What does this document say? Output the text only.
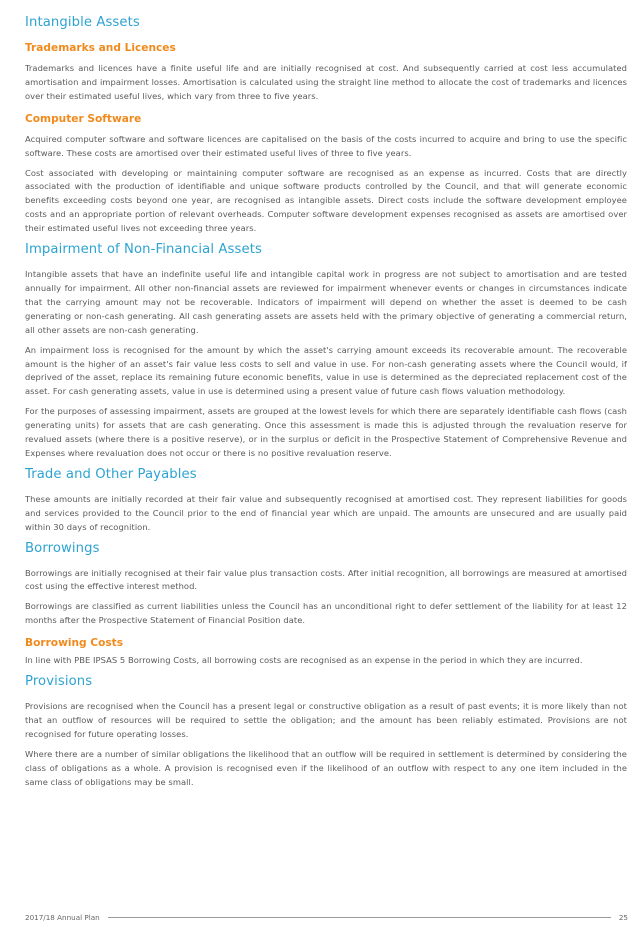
Intangible Assets
Trademarks and Licences

Trademarks and licences have a finite useful life and are initially recognised at cost. And subsequently carried at cost less accumulated amortisation and impairment losses. Amortisation is calculated using the straight line method to allocate the cost of trademarks and licences over their estimated useful lives, which vary from three to five years.

Computer Software

Acquired computer software and software licences are capitalised on the basis of the costs incurred to acquire and bring to use the specific software. These costs are amortised over their estimated useful lives of three to five years.

Cost associated with developing or maintaining computer software are recognised as an expense as incurred. Costs that are directly associated with the production of identifiable and unique software products controlled by the Council, and that will generate economic benefits exceeding costs beyond one year, are recognised as intangible assets. Direct costs include the software development employee costs and an appropriate portion of relevant overheads. Computer software development expenses recognised as assets are amortised over their estimated useful lives not exceeding three years.

Impairment of Non-Financial Assets

Intangible assets that have an indefinite useful life and intangible capital work in progress are not subject to amortisation and are tested annually for impairment. All other non-financial assets are reviewed for impairment whenever events or changes in circumstances indicate that the carrying amount may not be recoverable. Indicators of impairment will depend on whether the asset is deemed to be cash generating or non-cash generating. All cash generating assets are assets held with the primary objective of generating a commercial return, all other assets are non-cash generating.

An impairment loss is recognised for the amount by which the asset's carrying amount exceeds its recoverable amount. The recoverable amount is the higher of an asset's fair value less costs to sell and value in use. For non-cash generating assets where the Council would, if deprived of the asset, replace its remaining future economic benefits, value in use is determined as the depreciated replacement cost of the asset. For cash generating assets, value in use is determined using a present value of future cash flows valuation methodology.

For the purposes of assessing impairment, assets are grouped at the lowest levels for which there are separately identifiable cash flows (cash generating units) for assets that are cash generating. Once this assessment is made this is adjusted through the revaluation reserve for revalued assets (where there is a positive reserve), or in the surplus or deficit in the Prospective Statement of Comprehensive Revenue and Expenses where revaluation does not occur or there is no positive revaluation reserve.

Trade and Other Payables

These amounts are initially recorded at their fair value and subsequently recognised at amortised cost. They represent liabilities for goods and services provided to the Council prior to the end of financial year which are unpaid. The amounts are unsecured and are usually paid within 30 days of recognition.

Borrowings

Borrowings are initially recognised at their fair value plus transaction costs. After initial recognition, all borrowings are measured at amortised cost using the effective interest method.

Borrowings are classified as current liabilities unless the Council has an unconditional right to defer settlement of the liability for at least 12 months after the Prospective Statement of Financial Position date.

Borrowing Costs

In line with PBE IPSAS 5 Borrowing Costs, all borrowing costs are recognised as an expense in the period in which they are incurred.

Provisions

Provisions are recognised when the Council has a present legal or constructive obligation as a result of past events; it is more likely than not that an outflow of resources will be required to settle the obligation; and the amount has been reliably estimated. Provisions are not recognised for future operating losses.

Where there are a number of similar obligations the likelihood that an outflow will be required in settlement is determined by considering the class of obligations as a whole. A provision is recognised even if the likelihood of an outflow with respect to any one item included in the same class of obligations may be small.

2017/18 Annual Plan	25
